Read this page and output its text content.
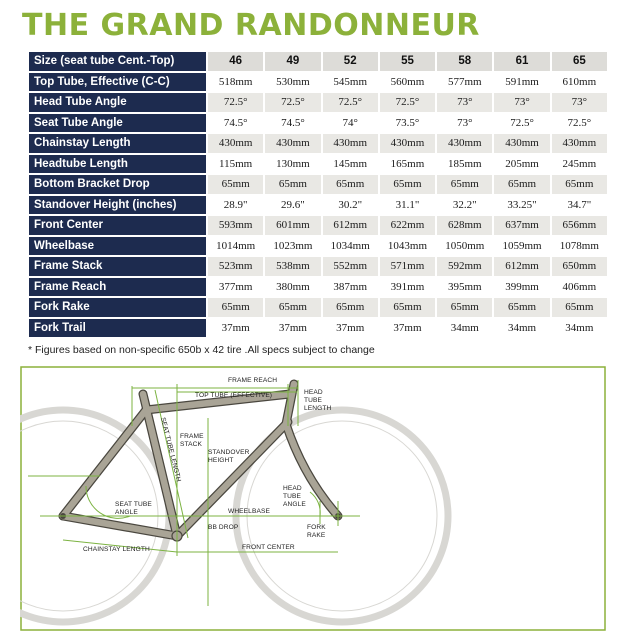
THE GRAND RANDONNEUR
Size (seat tube Cent.-Top)	46	49	52	55	58	61	65
Top Tube, Effective (C-C)	518mm	530mm	545mm	560mm	577mm	591mm	610mm
Head Tube Angle	72.5°	72.5°	72.5°	72.5°	73°	73°	73°
Seat Tube Angle	74.5°	74.5°	74°	73.5°	73°	72.5°	72.5°
Chainstay Length	430mm	430mm	430mm	430mm	430mm	430mm	430mm
Headtube Length	115mm	130mm	145mm	165mm	185mm	205mm	245mm
Bottom Bracket Drop	65mm	65mm	65mm	65mm	65mm	65mm	65mm
Standover Height (inches)	28.9"	29.6"	30.2"	31.1"	32.2"	33.25"	34.7"
Front Center	593mm	601mm	612mm	622mm	628mm	637mm	656mm
Wheelbase	1014mm	1023mm	1034mm	1043mm	1050mm	1059mm	1078mm
Frame Stack	523mm	538mm	552mm	571mm	592mm	612mm	650mm
Frame Reach	377mm	380mm	387mm	391mm	395mm	399mm	406mm
Fork Rake	65mm	65mm	65mm	65mm	65mm	65mm	65mm
Fork Trail	37mm	37mm	37mm	37mm	34mm	34mm	34mm
* Figures based on non-specific 650b x 42 tire .All specs subject to change
FRAME REACH
TOP TUBE (EFFECTIVE)	HEAD
TUBE
LENGTH
SEAT TUBE LENGTH
FRAME
STACK
STANDOVER
HEIGHT
SEAT TUBE
ANGLE
HEAD
TUBE
ANGLE
WHEELBASE
BB DROP	FORK
RAKE
CHAINSTAY LENGTH	FRONT CENTER
